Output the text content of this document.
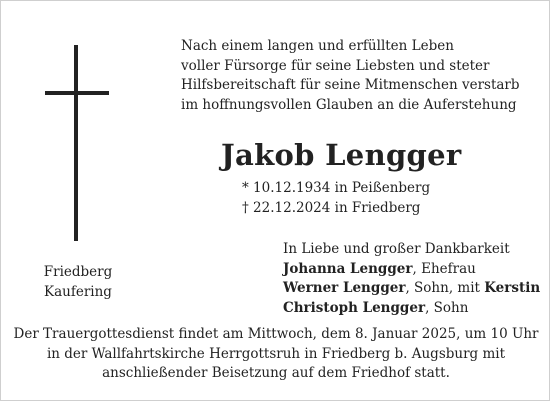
Nach einem langen und erfüllten Leben
voller Fürsorge für seine Liebsten und steter
Hilfsbereitschaft für seine Mitmenschen verstarb
im hoffnungsvollen Glauben an die Auferstehung
Jakob Lengger
* 10.12.1934 in Peißenberg
† 22.12.2024 in Friedberg
Friedberg
Kaufering
In Liebe und großer Dankbarkeit
Johanna Lengger, Ehefrau
Werner Lengger, Sohn, mit Kerstin
Christoph Lengger, Sohn
Der Trauergottesdienst findet am Mittwoch, dem 8. Januar 2025, um 10 Uhr
in der Wallfahrtskirche Herrgottsruh in Friedberg b. Augsburg mit
anschließender Beisetzung auf dem Friedhof statt.
